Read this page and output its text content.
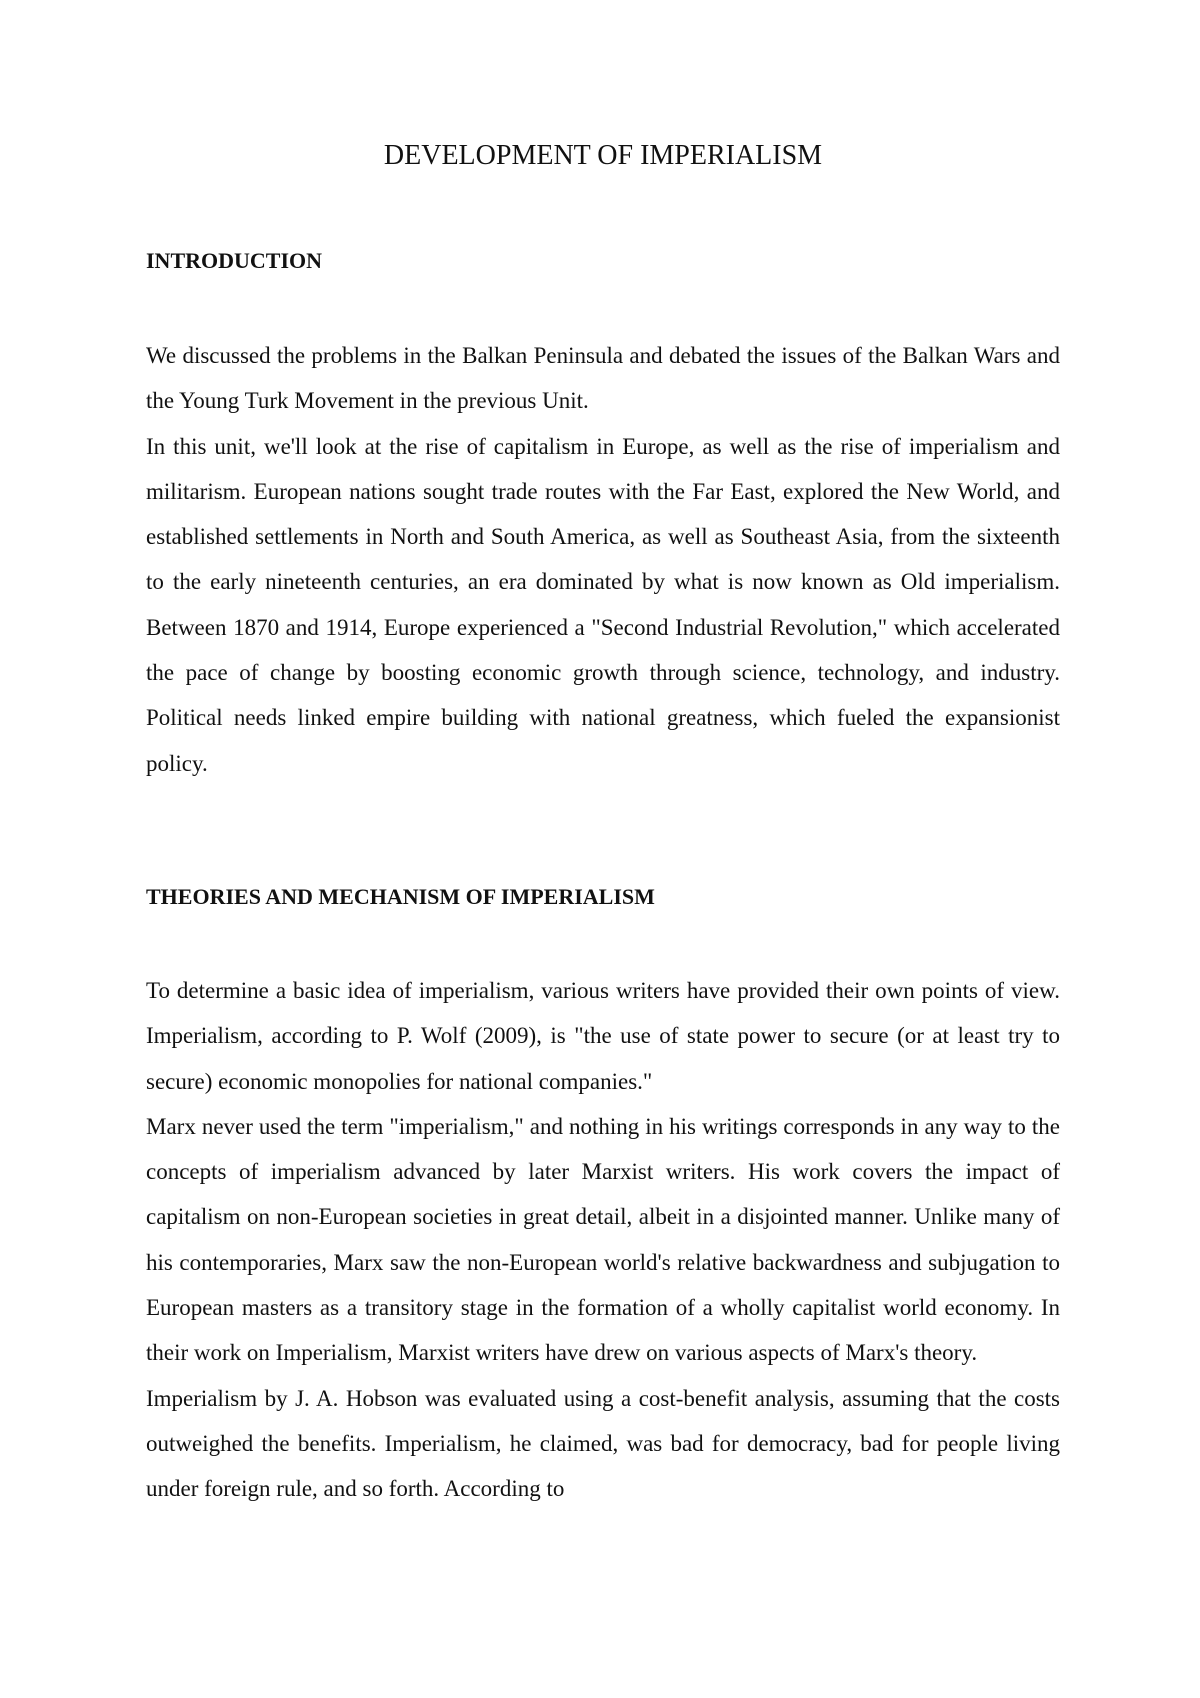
DEVELOPMENT OF IMPERIALISM
INTRODUCTION

We discussed the problems in the Balkan Peninsula and debated the issues of the Balkan Wars and the Young Turk Movement in the previous Unit.

In this unit, we'll look at the rise of capitalism in Europe, as well as the rise of imperialism and militarism. European nations sought trade routes with the Far East, explored the New World, and established settlements in North and South America, as well as Southeast Asia, from the sixteenth to the early nineteenth centuries, an era dominated by what is now known as Old imperialism. Between 1870 and 1914, Europe experienced a "Second Industrial Revolution," which accelerated the pace of change by boosting economic growth through science, technology, and industry. Political needs linked empire building with national greatness, which fueled the expansionist policy.

THEORIES AND MECHANISM OF IMPERIALISM

To determine a basic idea of imperialism, various writers have provided their own points of view. Imperialism, according to P. Wolf (2009), is "the use of state power to secure (or at least try to secure) economic monopolies for national companies."

Marx never used the term "imperialism," and nothing in his writings corresponds in any way to the concepts of imperialism advanced by later Marxist writers. His work covers the impact of capitalism on non-European societies in great detail, albeit in a disjointed manner. Unlike many of his contemporaries, Marx saw the non-European world's relative backwardness and subjugation to European masters as a transitory stage in the formation of a wholly capitalist world economy. In their work on Imperialism, Marxist writers have drew on various aspects of Marx's theory.

Imperialism by J. A. Hobson was evaluated using a cost-benefit analysis, assuming that the costs outweighed the benefits. Imperialism, he claimed, was bad for democracy, bad for people living under foreign rule, and so forth. According to
